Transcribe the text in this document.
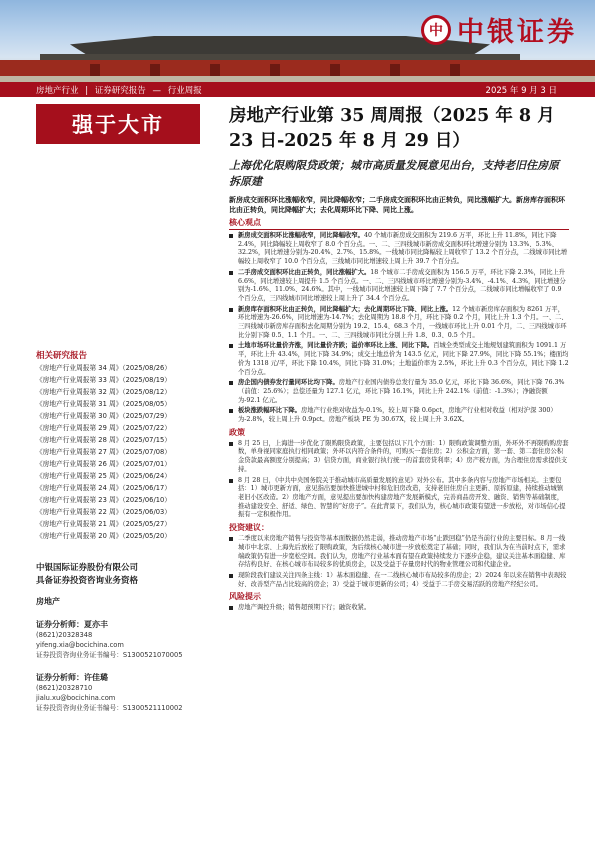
中 中银证券
房地产行业 | 证券研究报告 — 行业周报	2025 年 9 月 3 日
强于大市
相关研究报告
《房地产行业周报第 34 周》（2025/08/26）
《房地产行业周报第 33 周》（2025/08/19）
《房地产行业周报第 32 周》（2025/08/12）
《房地产行业周报第 31 周》（2025/08/05）
《房地产行业周报第 30 周》（2025/07/29）
《房地产行业周报第 29 周》（2025/07/22）
《房地产行业周报第 28 周》（2025/07/15）
《房地产行业周报第 27 周》（2025/07/08）
《房地产行业周报第 26 周》（2025/07/01）
《房地产行业周报第 25 周》（2025/06/24）
《房地产行业周报第 24 周》（2025/06/17）
《房地产行业周报第 23 周》（2025/06/10）
《房地产行业周报第 22 周》（2025/06/03）
《房地产行业周报第 21 周》（2025/05/27）
《房地产行业周报第 20 周》（2025/05/20）
中银国际证券股份有限公司
具备证券投资咨询业务资格
房地产
证券分析师：夏亦丰
(8621)20328348
yifeng.xia@bocichina.com
证券投资咨询业务证书编号：S1300521070005
证券分析师：许佳璐
(8621)20328710
jialu.xu@bocichina.com
证券投资咨询业务证书编号：S1300521110002
房地产行业第 35 周周报（2025 年 8 月 23 日-2025 年 8 月 29 日）
上海优化限购限贷政策；城市高质量发展意见出台，支持老旧住房原拆原建
新房成交面积环比涨幅收窄，同比降幅收窄；二手房成交面积环比由正转负，同比涨幅扩大。新房库存面积环比由正转负，同比降幅扩大；去化周期环比下降、同比上涨。
核心观点
新房成交面积环比涨幅收窄，同比降幅收窄。40 个城市新房成交面积为 219.6 万平，环比上升 11.8%，同比下降 2.4%，同比降幅较上周收窄了 8.0 个百分点。一、二、三四线城市新房成交面积环比增速分别为 13.3%、5.3%、32.2%，同比增速分别为-20.4%、2.7%、15.8%。一线城市同比降幅较上周收窄了 13.2 个百分点，二线城市同比增幅较上周收窄了 10.0 个百分点，三线城市同比增速较上周上升 39.7 个百分点。
二手房成交面积环比由正转负，同比涨幅扩大。18 个城市二手房成交面积为 156.5 万平，环比下降 2.3%，同比上升 6.6%，同比增速较上周提升 1.5 个百分点。一、二、三四线城市环比增速分别为-3.4%、-4.1%、4.3%，同比增速分别为-1.6%、11.0%、24.6%。其中，一线城市同比增速较上周下降了 7.7 个百分点，二线城市同比增幅收窄了 0.9 个百分点，三四线城市同比增速较上周上升了 34.4 个百分点。
新房库存面积环比由正转负，同比降幅扩大；去化周期环比下降、同比上涨。12 个城市新房库存面积为 8261 万平，环比增速为-26.6%，同比增速为-14.7%；去化周期为 18.8 个月，环比下降 0.2 个月，同比上升 1.3 个月。一、二、三四线城市新房库存面积去化周期分别为 19.2、15.4、68.3 个月，一线城市环比上升 0.01 个月，二、三四线城市环比分别下降 0.5、1.1 个月。一、二、三四线城市同比分别上升 1.8、0.3、0.5 个月。
土地市场环比量价齐涨，同比量价齐跌；溢价率环比上涨、同比下降。百城全类型成交土地规划建筑面积为 1091.1 万平，环比上升 43.4%，同比下降 34.9%；成交土地总价为 143.5 亿元，同比下降 27.9%，同比下降 55.1%；楼面均价为 1318 元/平，环比下降 10.4%，同比下降 31.0%；土地溢价率为 2.5%，环比上升 0.3 个百分点，同比下降 1.2 个百分点。
房企国内债券发行量同环比均下降。房地产行业国内债券总发行量为 35.0 亿元，环比下降 36.6%，同比下降 76.3%（前值：25.6%）；总偿还量为 127.1 亿元，环比下降 16.1%，同比上升 242.1%（前值：-1.3%）；净融资额为-92.1 亿元。
板块涨跌幅环比下降。房地产行业绝对收益为-0.1%，较上周下降 0.6pct，房地产行业相对收益（相对沪深 300）为-2.8%，较上周上升 0.9pct。房地产板块 PE 为 30.67X，较上周上升 3.62X。
政策
8 月 25 日，上海进一步优化了限购限贷政策，主要包括以下几个方面：1）限购政策调整方面，外环外不再限购购房套数，单身视同家庭执行相同政策；外环以内符合条件的，可购买一套住房；2）公积金方面，第一套、第二套住房公积金贷款最高额度分别提高；3）信贷方面，商业银行执行统一的首套房贷利率；4）房产税方面，为合理住房需求提供支持。
8 月 28 日，《中共中央国务院关于推动城市高质量发展的意见》对外公布。其中多条内容与房地产市场相关。主要包括：1）城市更新方面，意见指出要加快推进城中村和危旧房改造，支持老旧住房自主更新、原拆原建，持续推动城镇老旧小区改造。2）房地产方面，意见提出要加快构建房地产发展新模式，完善商品房开发、融资、销售等基础制度，推动建设安全、舒适、绿色、智慧的“好房子”。在此背景下，我们认为，核心城市政策有望进一步放松，对市场信心提振有一定积极作用。
投资建议：
二季度以来房地产销售与投资等基本面数据仍然走弱，推动房地产市场“止跌回稳”仍是当前行业的主要目标。8 月一线城市中北京、上海先后放松了限购政策，为后续核心城市进一步放松奠定了基础；同时，我们认为在当前时点下，需求端政策仍有进一步宽松空间。我们认为，房地产行业基本面有望在政策持续发力下逐步企稳，建议关注基本面稳健、库存结构良好、在核心城市布局较多的优质房企，以及受益于存量房时代的物业管理公司和代建企业。
现阶段我们建议关注四条主线：1）基本面稳健、在一二线核心城市布局较多的房企；2）2024 年以来在销售中表现较好、改善型产品占比较高的房企；3）受益于城市更新的公司；4）受益于二手房交易活跃的房地产经纪公司。
风险提示
房地产调控升级；销售超预期下行；融资收紧。
